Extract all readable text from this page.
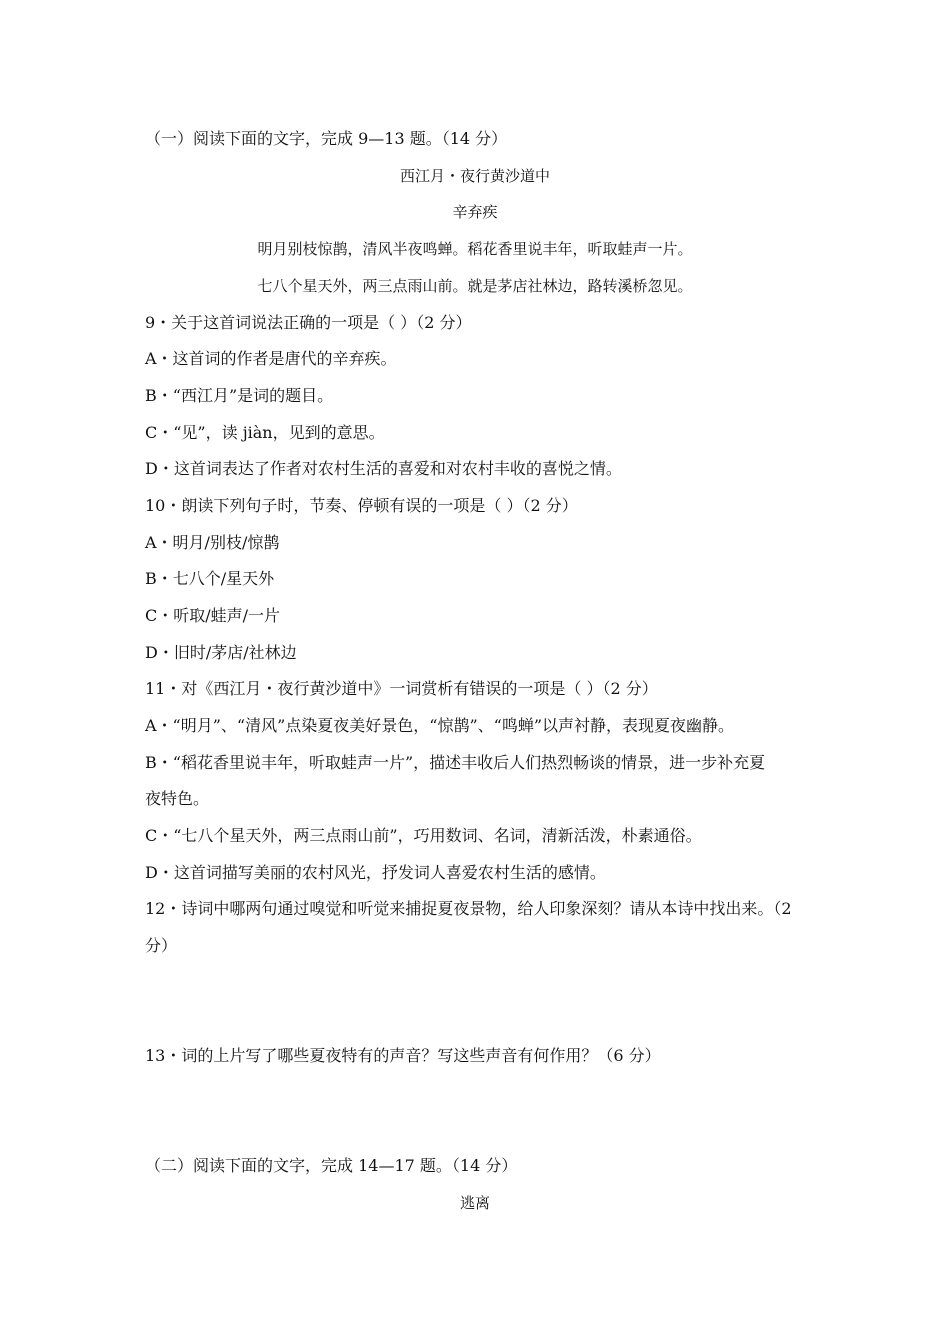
（一）阅读下面的文字，完成 9—13 题。（14 分）
西江月・夜行黄沙道中
辛弃疾
明月别枝惊鹊，清风半夜鸣蝉。稻花香里说丰年，听取蛙声一片。
七八个星天外，两三点雨山前。就是茅店社林边，路转溪桥忽见。
9・关于这首词说法正确的一项是（ ）（2 分）
A・这首词的作者是唐代的辛弃疾。
B・“西江月”是词的题目。
C・“见”，读 jiàn，见到的意思。
D・这首词表达了作者对农村生活的喜爱和对农村丰收的喜悦之情。
10・朗读下列句子时，节奏、停顿有误的一项是（ ）（2 分）
A・明月/别枝/惊鹊
B・七八个/星天外
C・听取/蛙声/一片
D・旧时/茅店/社林边
11・对《西江月・夜行黄沙道中》一词赏析有错误的一项是（ ）（2 分）
A・“明月”、“清风”点染夏夜美好景色，“惊鹊”、“鸣蝉”以声衬静，表现夏夜幽静。
B・“稻花香里说丰年，听取蛙声一片”，描述丰收后人们热烈畅谈的情景，进一步补充夏
夜特色。
C・“七八个星天外，两三点雨山前”，巧用数词、名词，清新活泼，朴素通俗。
D・这首词描写美丽的农村风光，抒发词人喜爱农村生活的感情。
12・诗词中哪两句通过嗅觉和听觉来捕捉夏夜景物，给人印象深刻？请从本诗中找出来。（2
分）
13・词的上片写了哪些夏夜特有的声音？写这些声音有何作用？（6 分）
（二）阅读下面的文字，完成 14—17 题。（14 分）
逃离
